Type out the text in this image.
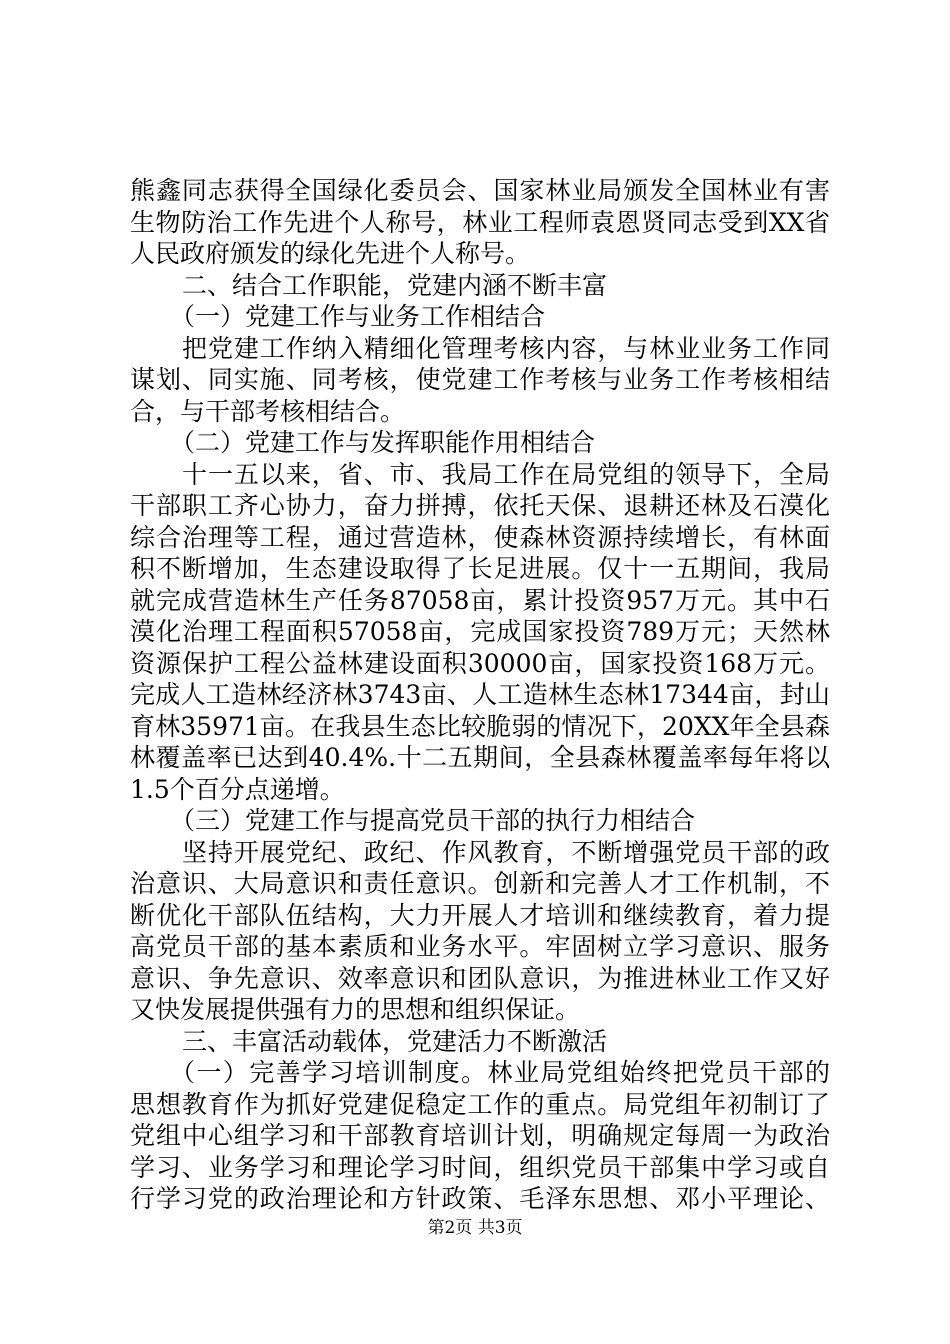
熊鑫同志获得全国绿化委员会、国家林业局颁发全国林业有害
生物防治工作先进个人称号，林业工程师袁恩贤同志受到XX省
人民政府颁发的绿化先进个人称号。
二、结合工作职能，党建内涵不断丰富
（一）党建工作与业务工作相结合
把党建工作纳入精细化管理考核内容，与林业业务工作同
谋划、同实施、同考核，使党建工作考核与业务工作考核相结
合，与干部考核相结合。
（二）党建工作与发挥职能作用相结合
十一五以来，省、市、我局工作在局党组的领导下，全局
干部职工齐心协力，奋力拼搏，依托天保、退耕还林及石漠化
综合治理等工程，通过营造林，使森林资源持续增长，有林面
积不断增加，生态建设取得了长足进展。仅十一五期间，我局
就完成营造林生产任务87058亩，累计投资957万元。其中石
漠化治理工程面积57058亩，完成国家投资789万元；天然林
资源保护工程公益林建设面积30000亩，国家投资168万元。
完成人工造林经济林3743亩、人工造林生态林17344亩，封山
育林35971亩。在我县生态比较脆弱的情况下，20XX年全县森
林覆盖率已达到40.4%.十二五期间，全县森林覆盖率每年将以
1.5个百分点递增。
（三）党建工作与提高党员干部的执行力相结合
坚持开展党纪、政纪、作风教育，不断增强党员干部的政
治意识、大局意识和责任意识。创新和完善人才工作机制，不
断优化干部队伍结构，大力开展人才培训和继续教育，着力提
高党员干部的基本素质和业务水平。牢固树立学习意识、服务
意识、争先意识、效率意识和团队意识，为推进林业工作又好
又快发展提供强有力的思想和组织保证。
三、丰富活动载体，党建活力不断激活
（一）完善学习培训制度。林业局党组始终把党员干部的
思想教育作为抓好党建促稳定工作的重点。局党组年初制订了
党组中心组学习和干部教育培训计划，明确规定每周一为政治
学习、业务学习和理论学习时间，组织党员干部集中学习或自
行学习党的政治理论和方针政策、毛泽东思想、邓小平理论、
第2页 共3页
